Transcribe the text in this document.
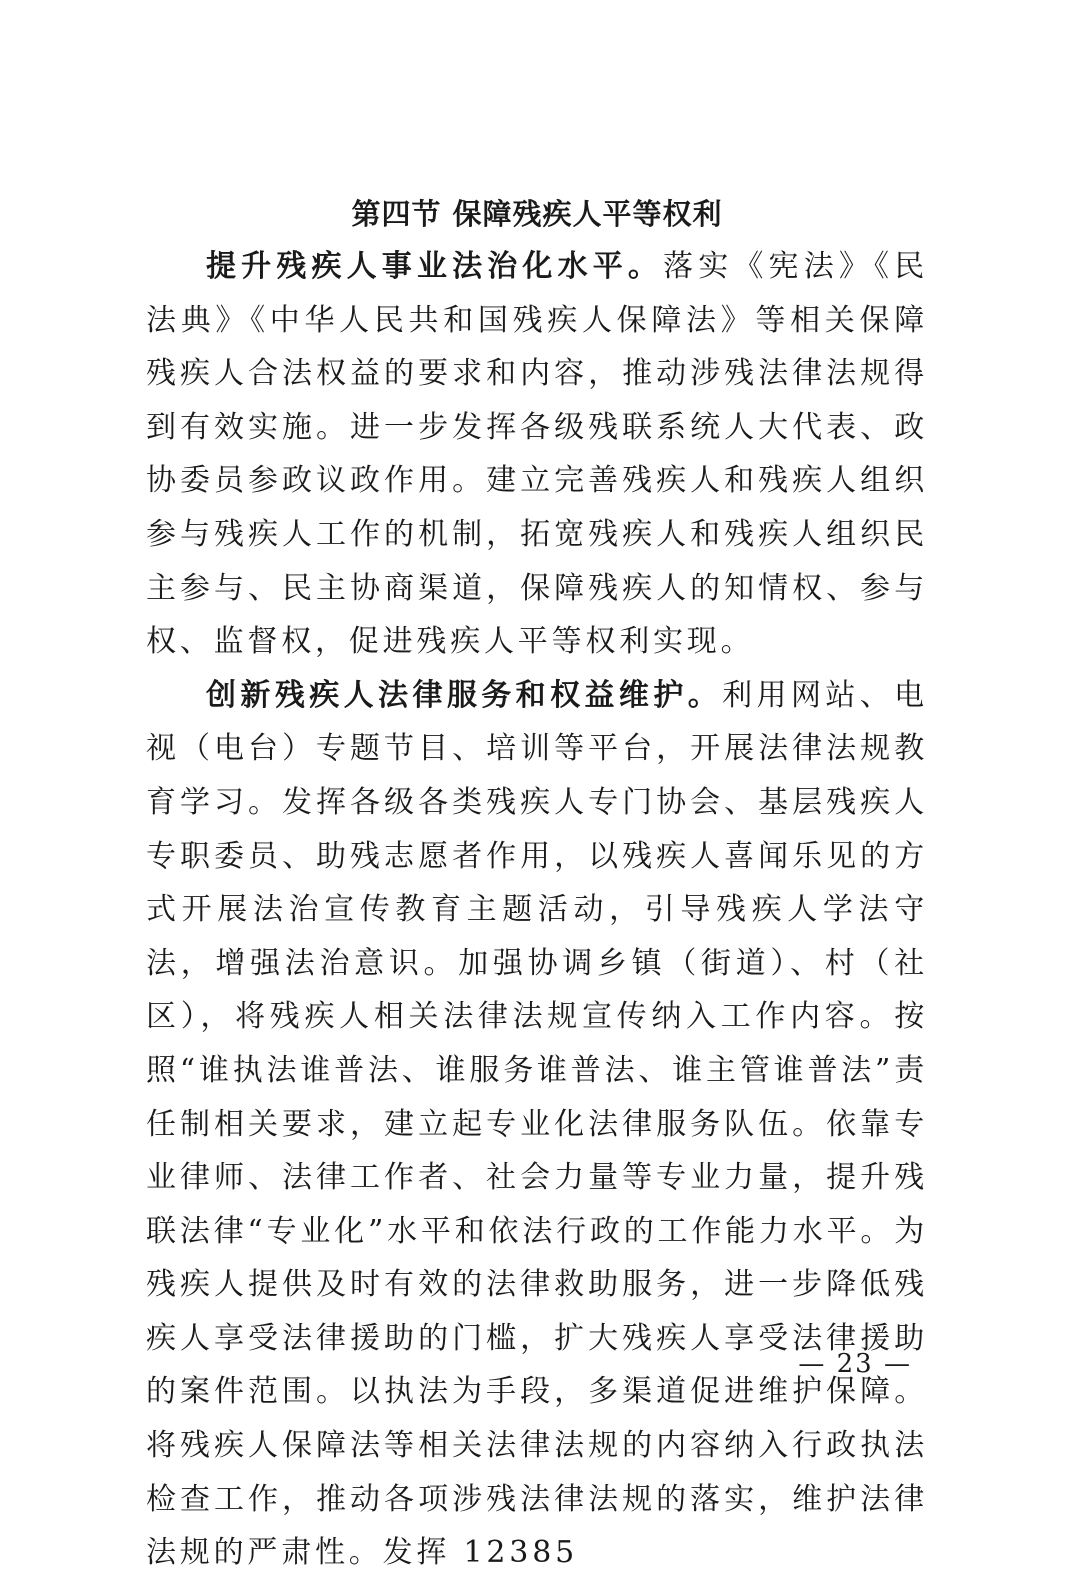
第四节 保障残疾人平等权利

提升残疾人事业法治化水平。落实《宪法》《民法典》《中华人民共和国残疾人保障法》等相关保障残疾人合法权益的要求和内容，推动涉残法律法规得到有效实施。进一步发挥各级残联系统人大代表、政协委员参政议政作用。建立完善残疾人和残疾人组织参与残疾人工作的机制，拓宽残疾人和残疾人组织民主参与、民主协商渠道，保障残疾人的知情权、参与权、监督权，促进残疾人平等权利实现。

创新残疾人法律服务和权益维护。利用网站、电视（电台）专题节目、培训等平台，开展法律法规教育学习。发挥各级各类残疾人专门协会、基层残疾人专职委员、助残志愿者作用，以残疾人喜闻乐见的方式开展法治宣传教育主题活动，引导残疾人学法守法，增强法治意识。加强协调乡镇（街道）、村（社区），将残疾人相关法律法规宣传纳入工作内容。按照“谁执法谁普法、谁服务谁普法、谁主管谁普法”责任制相关要求，建立起专业化法律服务队伍。依靠专业律师、法律工作者、社会力量等专业力量，提升残联法律“专业化”水平和依法行政的工作能力水平。为残疾人提供及时有效的法律救助服务，进一步降低残疾人享受法律援助的门槛，扩大残疾人享受法律援助的案件范围。以执法为手段，多渠道促进维护保障。将残疾人保障法等相关法律法规的内容纳入行政执法检查工作，推动各项涉残法律法规的落实，维护法律法规的严肃性。发挥 12385

— 23 —
